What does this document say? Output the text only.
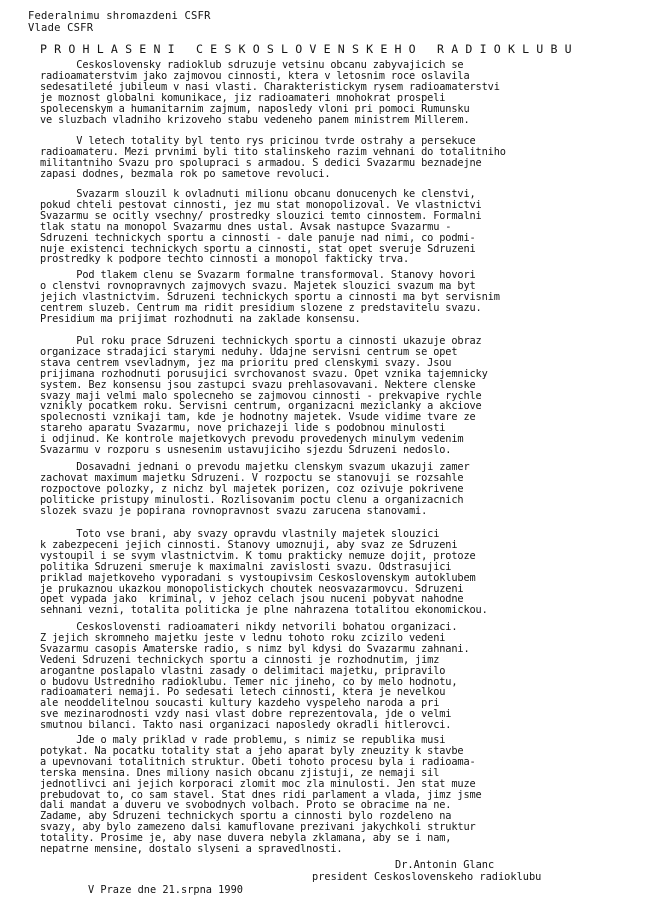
Federalnimu shromazdeni CSFR
Vlade CSFR
PROHLASENI CESKOSLOVENSKEHO RADIOKLUBU
Ceskoslovensky radioklub sdruzuje vetsinu obcanu zabyvajicich se
radioamaterstvim jako zajmovou cinnosti, ktera v letosnim roce oslavila
sedesatileté jubileum v nasi vlasti. Charakteristickym rysem radioamaterstvi
je moznost globalni komunikace, jiz radioamateri mnohokrat prospeli
spolecenskym a humanitarnim zajmum, naposledy vloni pri pomoci Rumunsku
ve sluzbach vladniho krizoveho stabu vedeneho panem ministrem Millerem.
V letech totality byl tento rys pricinou tvrde ostrahy a persekuce
radioamateru. Mezi prvnimi byli tito stalinskeho razim vehnani do totalitniho
militantniho Svazu pro spolupraci s armadou. S dedici Svazarmu beznadejne
zapasi dodnes, bezmala rok po sametove revoluci.
Svazarm slouzil k ovladnuti milionu obcanu donucenych ke clenstvi,
pokud chteli pestovat cinnosti, jez mu stat monopolizoval. Ve vlastnictvi
Svazarmu se ocitly vsechny/ prostredky slouzici temto cinnostem. Formalni
tlak statu na monopol Svazarmu dnes ustal. Avsak nastupce Svazarmu -
Sdruzeni technickych sportu a cinnosti - dale panuje nad nimi, co podmi-
nuje existenci technickych sportu a cinnosti, stat opet sveruje Sdruzeni
prostredky k podpore techto cinnosti a monopol fakticky trva.
Pod tlakem clenu se Svazarm formalne transformoval. Stanovy hovori
o clenstvi rovnopravnych zajmovych svazu. Majetek slouzici svazum ma byt
jejich vlastnictvim. Sdruzeni technickych sportu a cinnosti ma byt servisnim
centrem sluzeb. Centrum ma ridit presidium slozene z predstavitelu svazu.
Presidium ma prijimat rozhodnuti na zaklade konsensu.
Pul roku prace Sdruzeni technickych sportu a cinnosti ukazuje obraz
organizace stradajici starymi neduhy. Udajne servisni centrum se opet
stava centrem vsevladnym, jez ma prioritu pred clenskymi svazy. Jsou
prijimana rozhodnuti porusujici svrchovanost svazu. Opet vznika tajemnicky
system. Bez konsensu jsou zastupci svazu prehlasovavani. Nektere clenske
svazy maji velmi malo spolecneho se zajmovou cinnosti - prekvapive rychle
vznikly pocatkem roku. Servisni centrum, organizacni meziclanky a akciove
spolecnosti vznikaji tam, kde je hodnotny majetek. Vsude vidime tvare ze
stareho aparatu Svazarmu, nove prichazeji lide s podobnou minulosti
i odjinud. Ke kontrole majetkovych prevodu provedenych minulym vedenim
Svazarmu v rozporu s usnesenim ustavujiciho sjezdu Sdruzeni nedoslo.
Dosavadni jednani o prevodu majetku clenskym svazum ukazuji zamer
zachovat maximum majetku Sdruzeni. V rozpoctu se stanovuji se rozsahle
rozpoctove polozky, z nichz byl majetek porizen, coz ozivuje pokrivene
politicke pristupy minulosti. Rozlisovanim poctu clenu a organizacnich
slozek svazu je popirana rovnopravnost svazu zarucena stanovami.
Toto vse brani, aby svazy opravdu vlastnily majetek slouzici
k zabezpeceni jejich cinnosti. Stanovy umoznuji, aby svaz ze Sdruzeni
vystoupil i se svym vlastnictvim. K tomu prakticky nemuze dojit, protoze
politika Sdruzeni smeruje k maximalni zavislosti svazu. Odstrasujici
priklad majetkoveho vyporadani s vystoupivsim Ceskoslovenskym autoklubem
je prukaznou ukazkou monopolistickych choutek neosvazarmovcu. Sdruzeni
opet vypada jako  kriminal, v jehoz celach jsou nuceni pobyvat nahodne
sehnani vezni, totalita politicka je plne nahrazena totalitou ekonomickou.
Ceskoslovensti radioamateri nikdy netvorili bohatou organizaci.
Z jejich skromneho majetku jeste v lednu tohoto roku zcizilo vedeni
Svazarmu casopis Amaterske radio, s nimz byl kdysi do Svazarmu zahnani.
Vedeni Sdruzeni technickych sportu a cinnosti je rozhodnutim, jimz
arogantne poslapalo vlastni zasady o delimitaci majetku, pripravilo
o budovu Ustredniho radioklubu. Temer nic jineho, co by melo hodnotu,
radioamateri nemaji. Po sedesati letech cinnosti, ktera je nevelkou
ale neoddelitelnou soucasti kultury kazdeho vyspeleho naroda a pri
sve mezinarodnosti vzdy nasi vlast dobre reprezentovala, jde o velmi
smutnou bilanci. Takto nasi organizaci naposledy okradli hitlerovci.
Jde o maly priklad v rade problemu, s nimiz se republika musi
potykat. Na pocatku totality stat a jeho aparat byly zneuzity k stavbe
a upevnovani totalitnich struktur. Obeti tohoto procesu byla i radioama-
terska mensina. Dnes miliony nasich obcanu zjistuji, ze nemaji sil
jednotlivci ani jejich korporaci zlomit moc zla minulosti. Jen stat muze
prebudovat to, co sam stavel. Stat dnes ridi parlament a vlada, jimz jsme
dali mandat a duveru ve svobodnych volbach. Proto se obracime na ne.
Zadame, aby Sdruzeni technickych sportu a cinnosti bylo rozdeleno na
svazy, aby bylo zamezeno dalsi kamuflovane prezivani jakychkoli struktur
totality. Prosime je, aby nase duvera nebyla zklamana, aby se i nam,
nepatrne mensine, dostalo slyseni a spravedlnosti.
Dr.Antonin Glanc
president Ceskoslovenskeho radioklubu
V Praze dne 21.srpna 1990
